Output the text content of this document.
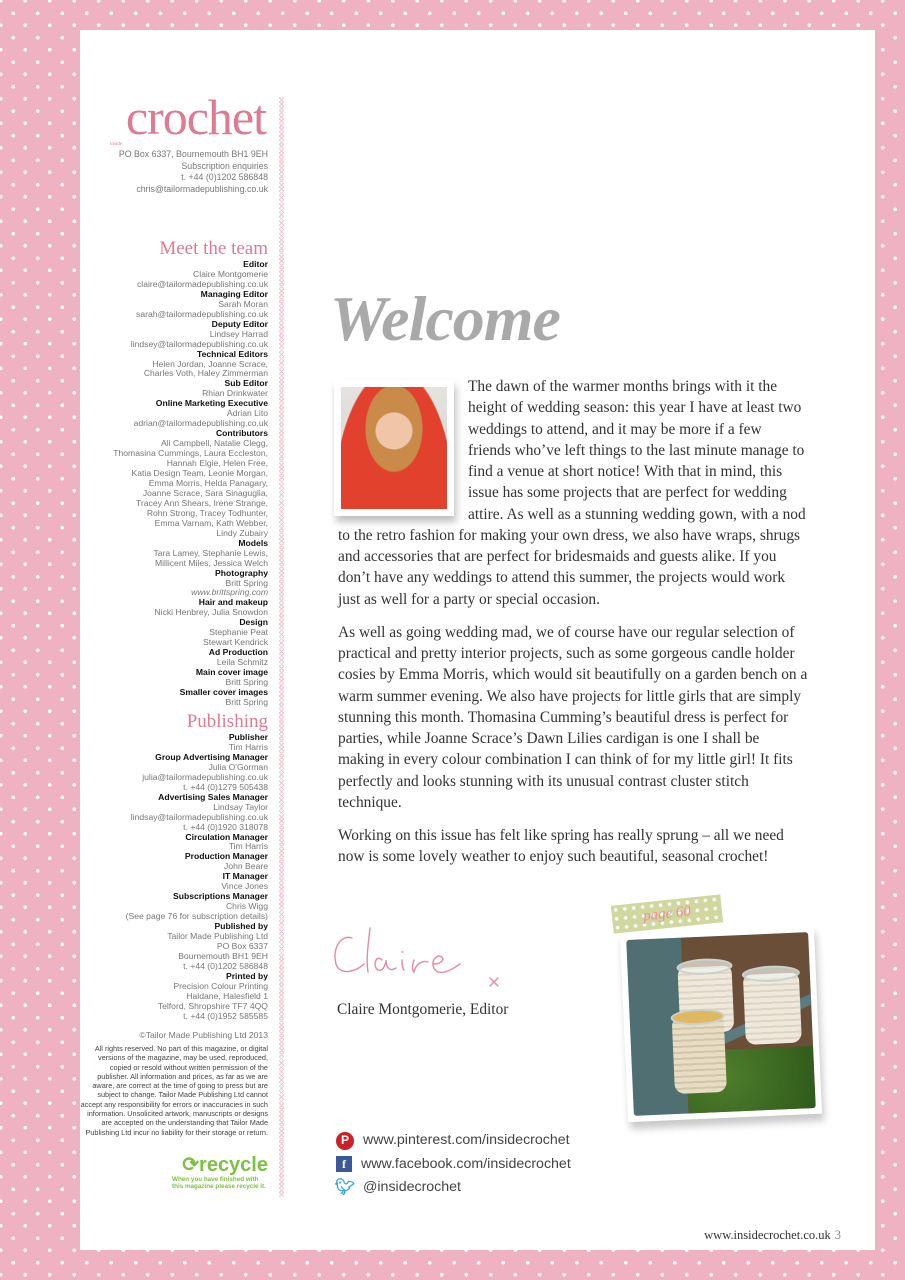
inside crochet
PO Box 6337, Bournemouth BH1 9EH
Subscription enquiries
t. +44 (0)1202 586848
chris@tailormadepublishing.co.uk
Meet the team
Editor
Claire Montgomerie
claire@tailormadepublishing.co.uk
Managing Editor
Sarah Moran
sarah@tailormadepublishing.co.uk
Deputy Editor
Lindsey Harrad
lindsey@tailormadepublishing.co.uk
Technical Editors
Helen Jordan, Joanne Scrace,
Charles Voth, Haley Zimmerman
Sub Editor
Rhian Drinkwater
Online Marketing Executive
Adrian Lito
adrian@tailormadepublishing.co.uk
Contributors
Ali Campbell, Natalie Clegg,
Thomasina Cummings, Laura Eccleston,
Hannah Elgie, Helen Free,
Katia Design Team, Leonie Morgan,
Emma Morris, Helda Panagary,
Joanne Scrace, Sara Sinaguglia,
Tracey Ann Shears, Irene Strange,
Rohn Strong, Tracey Todhunter,
Emma Varnam, Kath Webber,
Lindy Zubairy
Models
Tara Lamey, Stephanie Lewis,
Millicent Miles, Jessica Welch
Photography
Britt Spring
www.brittspring.com
Hair and makeup
Nicki Henbrey, Julia Snowdon
Design
Stephanie Peat
Stewart Kendrick
Ad Production
Leila Schmitz
Main cover image
Britt Spring
Smaller cover images
Britt Spring
Publishing
Publisher
Tim Harris
Group Advertising Manager
Julia O'Gorman
julia@tailormadepublishing.co.uk
t. +44 (0)1279 505438
Advertising Sales Manager
Lindsay Taylor
lindsay@tailormadepublishing.co.uk
t. +44 (0)1920 318078
Circulation Manager
Tim Harris
Production Manager
John Beare
IT Manager
Vince Jones
Subscriptions Manager
Chris Wigg
(See page 76 for subscription details)
Published by
Tailor Made Publishing Ltd
PO Box 6337
Bournemouth BH1 9EH
t. +44 (0)1202 586848
Printed by
Precision Colour Printing
Haldane, Halesfield 1
Telford, Shropshire TF7 4QQ
t. +44 (0)1952 585585
©Tailor Made Publishing Ltd 2013
All rights reserved. No part of this magazine, or digital versions of the magazine, may be used, reproduced, copied or resold without written permission of the publisher. All information and prices, as far as we are aware, are correct at the time of going to press but are subject to change. Tailor Made Publishing Ltd cannot accept any responsibility for errors or inaccuracies in such information. Unsolicited artwork, manuscripts or designs are accepted on the understanding that Tailor Made Publishing Ltd incur no liability for their storage or return.
⟳recycle
When you have finished with this magazine please recycle it.
Welcome

The dawn of the warmer months brings with it the height of wedding season: this year I have at least two weddings to attend, and it may be more if a few friends who’ve left things to the last minute manage to find a venue at short notice! With that in mind, this issue has some projects that are perfect for wedding attire. As well as a stunning wedding gown, with a nod to the retro fashion for making your own dress, we also have wraps, shrugs and accessories that are perfect for bridesmaids and guests alike. If you don’t have any weddings to attend this summer, the projects would work just as well for a party or special occasion.

As well as going wedding mad, we of course have our regular selection of practical and pretty interior projects, such as some gorgeous candle holder cosies by Emma Morris, which would sit beautifully on a garden bench on a warm summer evening. We also have projects for little girls that are simply stunning this month. Thomasina Cumming’s beautiful dress is perfect for parties, while Joanne Scrace’s Dawn Lilies cardigan is one I shall be making in every colour combination I can think of for my little girl! It fits perfectly and looks stunning with its unusual contrast cluster stitch technique.

Working on this issue has felt like spring has really sprung – all we need now is some lovely weather to enjoy such beautiful, seasonal crochet!

Claire Montgomerie, Editor
page 60
P www.pinterest.com/insidecrochet
f	www.facebook.com/insidecrochet
🐦︎ @insidecrochet
www.insidecrochet.co.uk 3
